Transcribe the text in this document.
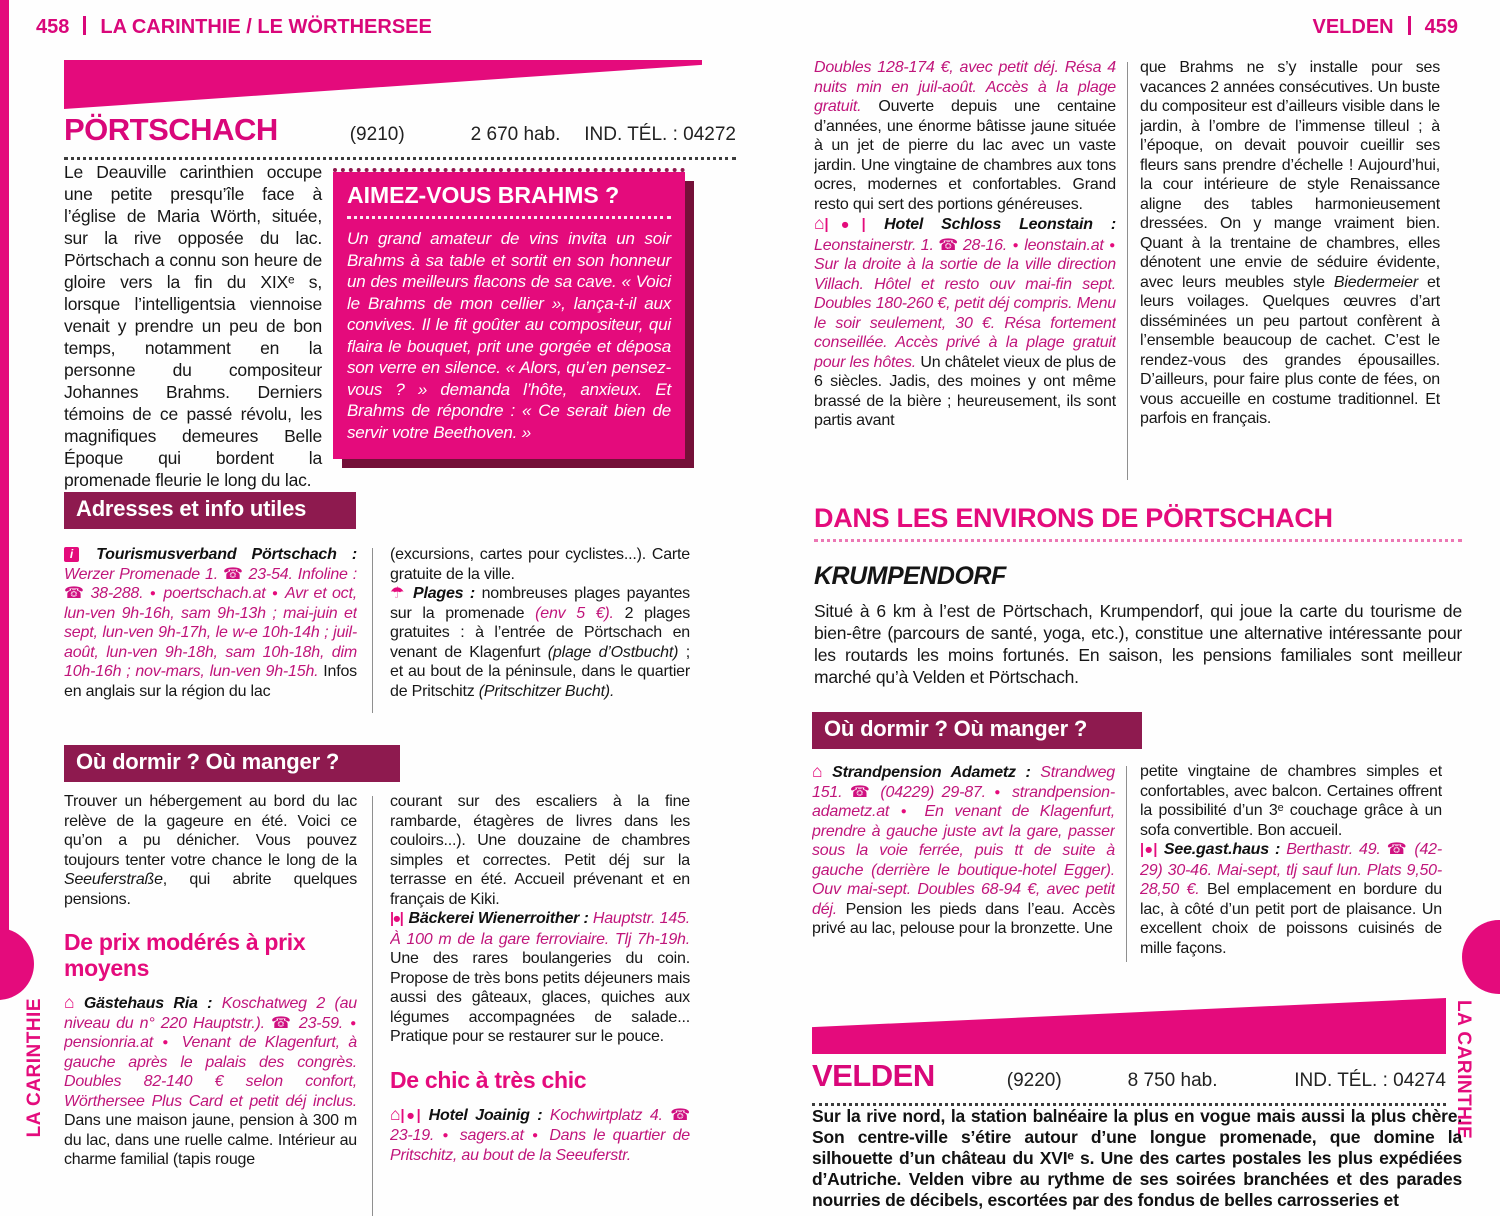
LA CARINTHIE	LA CARINTHIE
458 LA CARINTHIE / LE WÖRTHERSEE	VELDEN 459
PÖRTSCHACH	(9210)	2 670 hab. IND. TÉL. : 04272
Le Deauville carinthien occupe une petite presqu’île face à l’église de Maria Wörth, située, sur la rive opposée du lac. Pörtschach a connu son heure de gloire vers la fin du XIXᵉ s, lorsque l’intelligentsia viennoise venait y prendre un peu de bon temps, notamment en la personne du compositeur Johannes Brahms. Derniers témoins de ce passé révolu, les magnifiques demeures Belle Époque qui bordent la promenade fleurie le long du lac.
AIMEZ-VOUS BRAHMS ?
Un grand amateur de vins invita un soir Brahms à sa table et sortit en son honneur un des meilleurs flacons de sa cave. « Voici le Brahms de mon cellier », lança-t-il aux convives. Il le fit goûter au compositeur, qui flaira le bouquet, prit une gorgée et déposa son verre en silence. « Alors, qu’en pensez-vous ? » demanda l’hôte, anxieux. Et Brahms de répondre : « Ce serait bien de servir votre Beethoven. »
Adresses et info utiles

i Tourismusverband Pörtschach : Werzer Promenade 1. ☎ 23-54. Infoline : ☎ 38-288. ● poertschach.at ● Avr et oct, lun-ven 9h-16h, sam 9h-13h ; mai-juin et sept, lun-ven 9h-17h, le w-e 10h-14h ; juil-août, lun-ven 9h-18h, sam 10h-18h, dim 10h-16h ; nov-mars, lun-ven 9h-15h. Infos en anglais sur la région du lac

(excursions, cartes pour cyclistes...). Carte gratuite de la ville.

☂ Plages : nombreuses plages payantes sur la promenade (env 5 €). 2 plages gratuites : à l’entrée de Pörtschach en venant de Klagenfurt (plage d’Ostbucht) ; et au bout de la péninsule, dans le quartier de Pritschitz (Pritschitzer Bucht).

Où dormir ? Où manger ?

Trouver un hébergement au bord du lac relève de la gageure en été. Voici ce qu’on a pu dénicher. Vous pouvez toujours tenter votre chance le long de la Seeuferstraße, qui abrite quelques pensions.

De prix modérés à prix moyens

⌂ Gästehaus Ria : Koschatweg 2 (au niveau du n° 220 Hauptstr.). ☎ 23-59. ● pensionria.at ● Venant de Klagenfurt, à gauche après le palais des congrès. Doubles 82-140 € selon confort, Wörthersee Plus Card et petit déj inclus. Dans une maison jaune, pension à 300 m du lac, dans une ruelle calme. Intérieur au charme familial (tapis rouge

courant sur des escaliers à la fine rambarde, étagères de livres dans les couloirs...). Une douzaine de chambres simples et correctes. Petit déj sur la terrasse en été. Accueil prévenant et en français de Kiki.

|●| Bäckerei Wienerroither : Hauptstr. 145. À 100 m de la gare ferroviaire. Tlj 7h-19h. Une des rares boulangeries du coin. Propose de très bons petits déjeuners mais aussi des gâteaux, glaces, quiches aux légumes accompagnées de salade... Pratique pour se restaurer sur le pouce.

De chic à très chic

⌂|●| Hotel Joainig : Kochwirtplatz 4. ☎ 23-19. ● sagers.at ● Dans le quartier de Pritschitz, au bout de la Seeuferstr.

Doubles 128-174 €, avec petit déj. Résa 4 nuits min en juil-août. Accès à la plage gratuit. Ouverte depuis une centaine d’années, une énorme bâtisse jaune située à un jet de pierre du lac avec un vaste jardin. Une vingtaine de chambres aux tons ocres, modernes et confortables. Grand resto qui sert des portions généreuses.

⌂|●| Hotel Schloss Leonstain : Leonstainerstr. 1. ☎ 28-16. ● leonstain.at ● Sur la droite à la sortie de la ville direction Villach. Hôtel et resto ouv mai-fin sept. Doubles 180-260 €, petit déj compris. Menu le soir seulement, 30 €. Résa fortement conseillée. Accès privé à la plage gratuit pour les hôtes. Un châtelet vieux de plus de 6 siècles. Jadis, des moines y ont même brassé de la bière ; heureusement, ils sont partis avant

que Brahms ne s’y installe pour ses vacances 2 années consécutives. Un buste du compositeur est d’ailleurs visible dans le jardin, à l’ombre de l’immense tilleul ; à l’époque, on devait pouvoir cueillir ses fleurs sans prendre d’échelle ! Aujourd’hui, la cour intérieure de style Renaissance aligne des tables harmonieusement dressées. On y mange vraiment bien. Quant à la trentaine de chambres, elles dénotent une envie de séduire évidente, avec leurs meubles style Biedermeier et leurs voilages. Quelques œuvres d’art disséminées un peu partout confèrent à l’ensemble beaucoup de cachet. C’est le rendez-vous des grandes épousailles. D’ailleurs, pour faire plus conte de fées, on vous accueille en costume traditionnel. Et parfois en français.

DANS LES ENVIRONS DE PÖRTSCHACH
KRUMPENDORF
Situé à 6 km à l’est de Pörtschach, Krumpendorf, qui joue la carte du tourisme de bien-être (parcours de santé, yoga, etc.), constitue une alternative intéressante pour les routards les moins fortunés. En saison, les pensions familiales sont meilleur marché qu’à Velden et Pörtschach.
Où dormir ? Où manger ?

⌂ Strandpension Adametz : Strandweg 151. ☎ (04229) 29-87. ● strandpension-adametz.at ● En venant de Klagenfurt, prendre à gauche juste avt la gare, passer sous la voie ferrée, puis tt de suite à gauche (derrière le boutique-hotel Egger). Ouv mai-sept. Doubles 68-94 €, avec petit déj. Pension les pieds dans l’eau. Accès privé au lac, pelouse pour la bronzette. Une

petite vingtaine de chambres simples et confortables, avec balcon. Certaines offrent la possibilité d’un 3ᵉ couchage grâce à un sofa convertible. Bon accueil.

|●| See.gast.haus : Berthastr. 49. ☎ (42-29) 30-46. Mai-sept, tlj sauf lun. Plats 9,50-28,50 €. Bel emplacement en bordure du lac, à côté d’un petit port de plaisance. Un excellent choix de poissons cuisinés de mille façons.

VELDEN	(9220)	8 750 hab.	IND. TÉL. : 04274
Sur la rive nord, la station balnéaire la plus en vogue mais aussi la plus chère. Son centre-ville s’étire autour d’une longue promenade, que domine la silhouette d’un château du XVIᵉ s. Une des cartes postales les plus expédiées d’Autriche. Velden vibre au rythme de ses soirées branchées et des parades nourries de décibels, escortées par des fondus de belles carrosseries et
